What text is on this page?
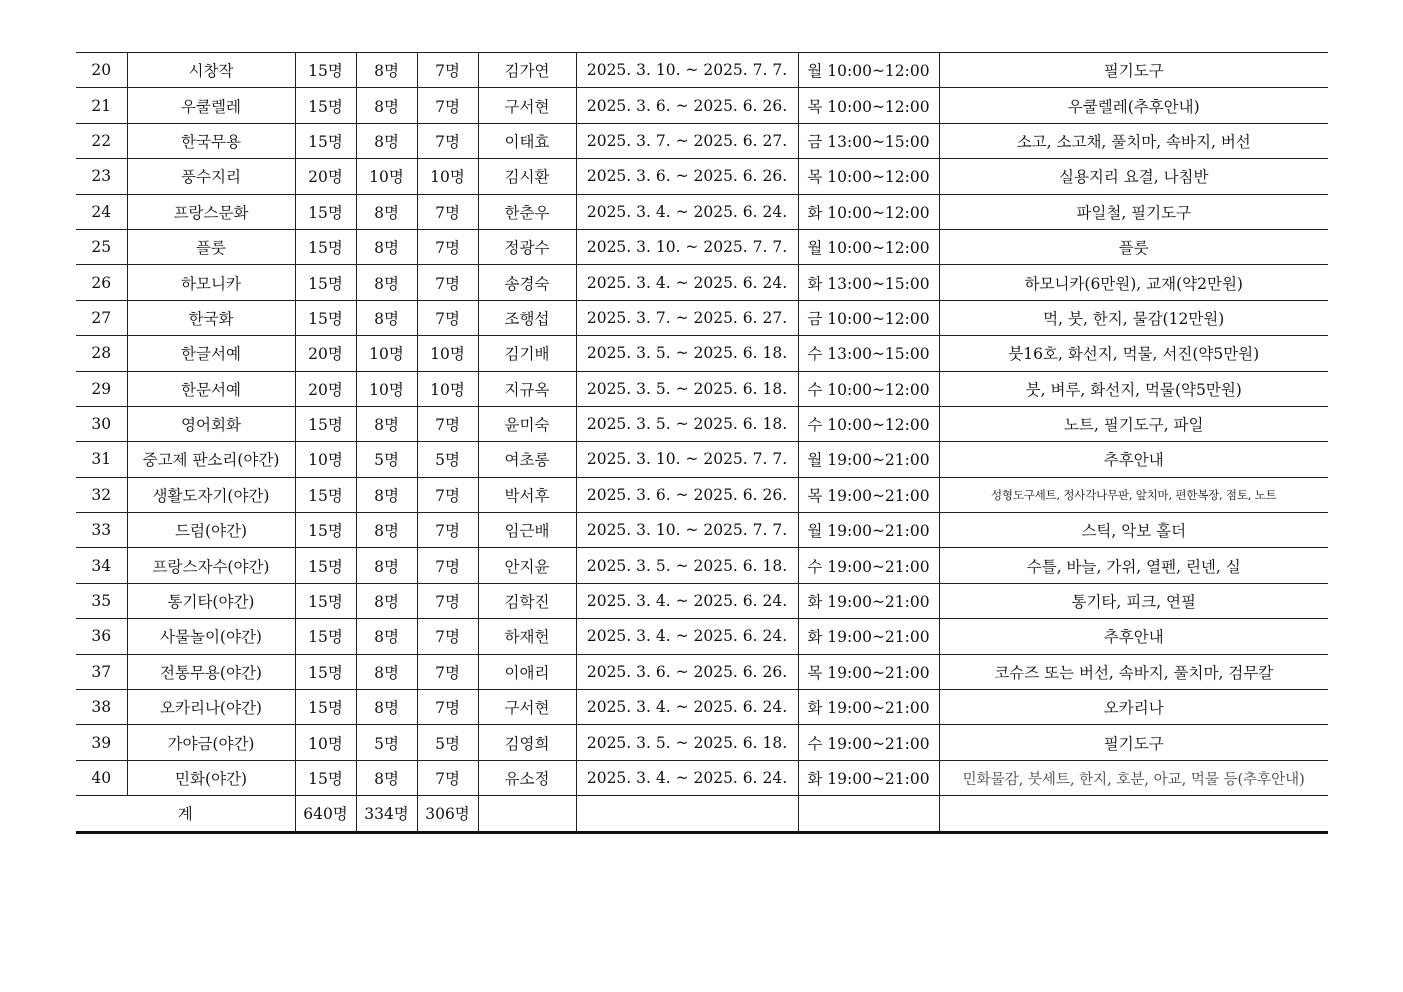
20	시창작	15명	8명	7명	김가연	2025. 3. 10. ~ 2025. 7. 7.	월 10:00~12:00	필기도구
21	우쿨렐레	15명	8명	7명	구서현	2025. 3. 6. ~ 2025. 6. 26.	목 10:00~12:00	우쿨렐레(추후안내)
22	한국무용	15명	8명	7명	이태효	2025. 3. 7. ~ 2025. 6. 27.	금 13:00~15:00	소고, 소고채, 풀치마, 속바지, 버선
23	풍수지리	20명	10명	10명	김시환	2025. 3. 6. ~ 2025. 6. 26.	목 10:00~12:00	실용지리 요결, 나침반
24	프랑스문화	15명	8명	7명	한춘우	2025. 3. 4. ~ 2025. 6. 24.	화 10:00~12:00	파일철, 필기도구
25	플룻	15명	8명	7명	정광수	2025. 3. 10. ~ 2025. 7. 7.	월 10:00~12:00	플룻
26	하모니카	15명	8명	7명	송경숙	2025. 3. 4. ~ 2025. 6. 24.	화 13:00~15:00	하모니카(6만원), 교재(약2만원)
27	한국화	15명	8명	7명	조행섭	2025. 3. 7. ~ 2025. 6. 27.	금 10:00~12:00	먹, 붓, 한지, 물감(12만원)
28	한글서예	20명	10명	10명	김기배	2025. 3. 5. ~ 2025. 6. 18.	수 13:00~15:00	붓16호, 화선지, 먹물, 서진(약5만원)
29	한문서예	20명	10명	10명	지규옥	2025. 3. 5. ~ 2025. 6. 18.	수 10:00~12:00	붓, 벼루, 화선지, 먹물(약5만원)
30	영어회화	15명	8명	7명	윤미숙	2025. 3. 5. ~ 2025. 6. 18.	수 10:00~12:00	노트, 필기도구, 파일
31	중고제 판소리(야간)	10명	5명	5명	여초롱	2025. 3. 10. ~ 2025. 7. 7.	월 19:00~21:00	추후안내
32	생활도자기(야간)	15명	8명	7명	박서후	2025. 3. 6. ~ 2025. 6. 26.	목 19:00~21:00	성형도구세트, 정사각나무판, 앞치마, 편한복장, 점토, 노트
33	드럼(야간)	15명	8명	7명	임근배	2025. 3. 10. ~ 2025. 7. 7.	월 19:00~21:00	스틱, 악보 홀더
34	프랑스자수(야간)	15명	8명	7명	안지윤	2025. 3. 5. ~ 2025. 6. 18.	수 19:00~21:00	수틀, 바늘, 가위, 열펜, 린넨, 실
35	통기타(야간)	15명	8명	7명	김학진	2025. 3. 4. ~ 2025. 6. 24.	화 19:00~21:00	통기타, 피크, 연필
36	사물놀이(야간)	15명	8명	7명	하재헌	2025. 3. 4. ~ 2025. 6. 24.	화 19:00~21:00	추후안내
37	전통무용(야간)	15명	8명	7명	이애리	2025. 3. 6. ~ 2025. 6. 26.	목 19:00~21:00	코슈즈 또는 버선, 속바지, 풀치마, 검무칼
38	오카리나(야간)	15명	8명	7명	구서현	2025. 3. 4. ~ 2025. 6. 24.	화 19:00~21:00	오카리나
39	가야금(야간)	10명	5명	5명	김영희	2025. 3. 5. ~ 2025. 6. 18.	수 19:00~21:00	필기도구
40	민화(야간)	15명	8명	7명	유소정	2025. 3. 4. ~ 2025. 6. 24.	화 19:00~21:00	민화물감, 붓세트, 한지, 호분, 아교, 먹물 등(추후안내)
계		640명	334명	306명				
